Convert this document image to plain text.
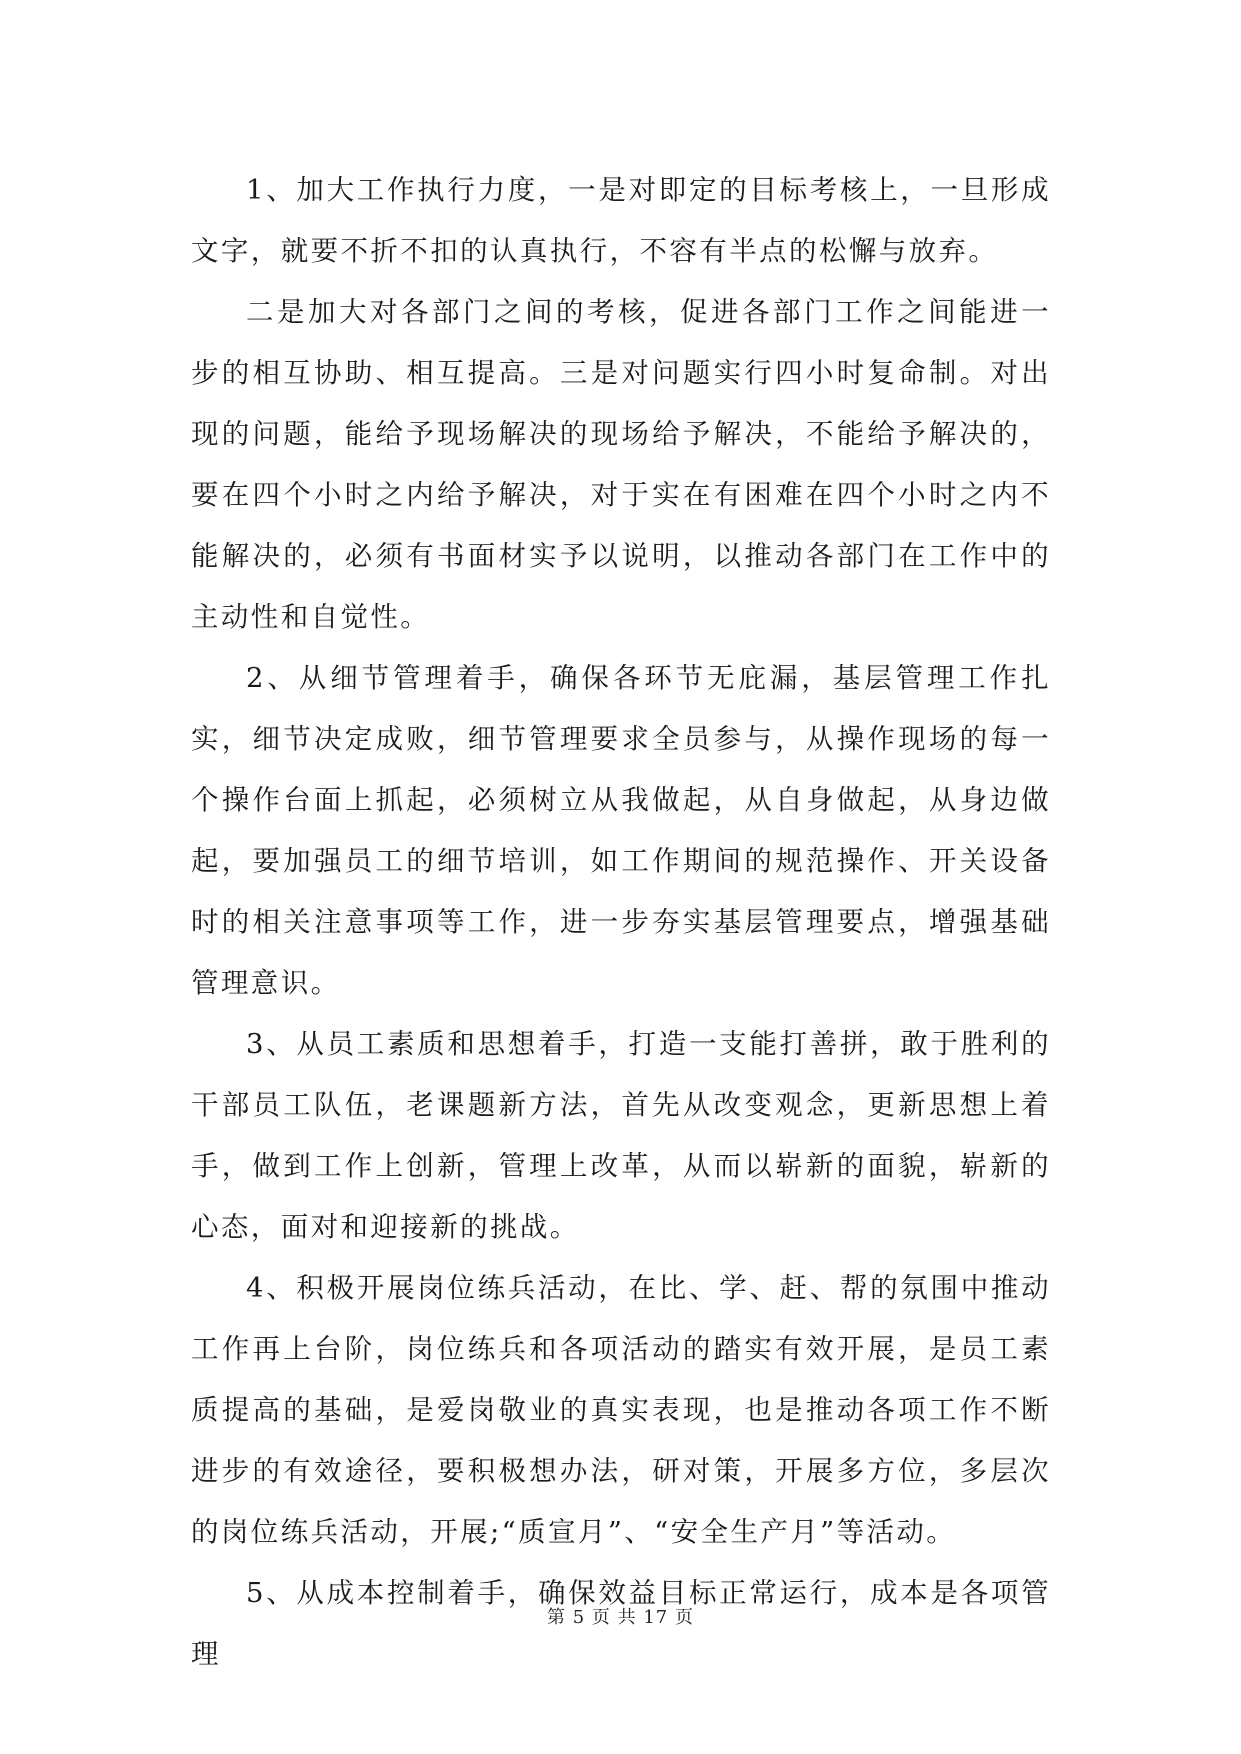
1、加大工作执行力度，一是对即定的目标考核上，一旦形成文字，就要不折不扣的认真执行，不容有半点的松懈与放弃。

二是加大对各部门之间的考核，促进各部门工作之间能进一步的相互协助、相互提高。三是对问题实行四小时复命制。对出现的问题，能给予现场解决的现场给予解决，不能给予解决的，要在四个小时之内给予解决，对于实在有困难在四个小时之内不能解决的，必须有书面材实予以说明，以推动各部门在工作中的主动性和自觉性。

2、从细节管理着手，确保各环节无庇漏，基层管理工作扎实，细节决定成败，细节管理要求全员参与，从操作现场的每一个操作台面上抓起，必须树立从我做起，从自身做起，从身边做起，要加强员工的细节培训，如工作期间的规范操作、开关设备时的相关注意事项等工作，进一步夯实基层管理要点，增强基础管理意识。

3、从员工素质和思想着手，打造一支能打善拼，敢于胜利的干部员工队伍，老课题新方法，首先从改变观念，更新思想上着手，做到工作上创新，管理上改革，从而以崭新的面貌，崭新的心态，面对和迎接新的挑战。

4、积极开展岗位练兵活动，在比、学、赶、帮的氛围中推动工作再上台阶，岗位练兵和各项活动的踏实有效开展，是员工素质提高的基础，是爱岗敬业的真实表现，也是推动各项工作不断进步的有效途径，要积极想办法，研对策，开展多方位，多层次的岗位练兵活动，开展;“质宣月”、“安全生产月”等活动。

5、从成本控制着手，确保效益目标正常运行，成本是各项管理

第 5 页 共 17 页
